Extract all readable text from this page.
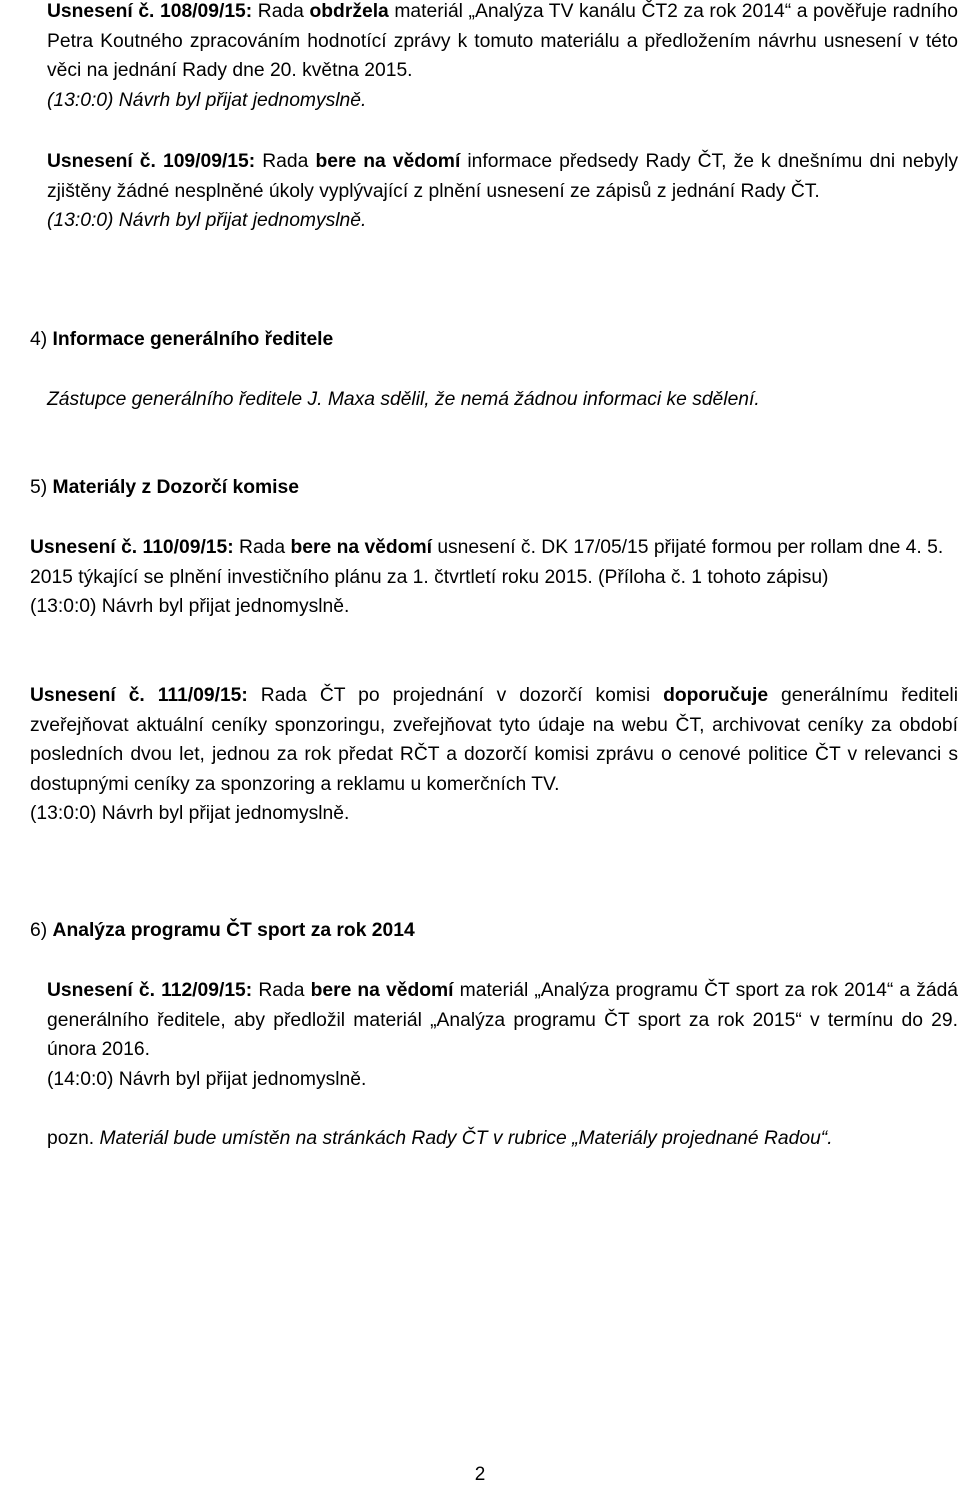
Usnesení č. 108/09/15: Rada obdržela materiál „Analýza TV kanálu ČT2 za rok 2014“ a pověřuje radního Petra Koutného zpracováním hodnotící zprávy k tomuto materiálu a předložením návrhu usnesení v této věci na jednání Rady dne 20. května 2015.

(13:0:0) Návrh byl přijat jednomyslně.

Usnesení č. 109/09/15: Rada bere na vědomí informace předsedy Rady ČT, že k dnešnímu dni nebyly zjištěny žádné nesplněné úkoly vyplývající z plnění usnesení ze zápisů z jednání Rady ČT.

(13:0:0) Návrh byl přijat jednomyslně.

4) Informace generálního ředitele

Zástupce generálního ředitele J. Maxa sdělil, že nemá žádnou informaci ke sdělení.

5) Materiály z Dozorčí komise

Usnesení č. 110/09/15: Rada bere na vědomí usnesení č. DK 17/05/15 přijaté formou per rollam dne 4. 5. 2015 týkající se plnění investičního plánu za 1. čtvrtletí roku 2015. (Příloha č. 1 tohoto zápisu)

(13:0:0) Návrh byl přijat jednomyslně.

Usnesení č. 111/09/15: Rada ČT po projednání v dozorčí komisi doporučuje generálnímu řediteli zveřejňovat aktuální ceníky sponzoringu, zveřejňovat tyto údaje na webu ČT, archivovat ceníky za období posledních dvou let, jednou za rok předat RČT a dozorčí komisi zprávu o cenové politice ČT v relevanci s dostupnými ceníky za sponzoring a reklamu u komerčních TV.

(13:0:0) Návrh byl přijat jednomyslně.

6) Analýza programu ČT sport za rok 2014

Usnesení č. 112/09/15: Rada bere na vědomí materiál „Analýza programu ČT sport za rok 2014“ a žádá generálního ředitele, aby předložil materiál „Analýza programu ČT sport za rok 2015“ v termínu do 29. února 2016.

(14:0:0) Návrh byl přijat jednomyslně.

pozn. Materiál bude umístěn na stránkách Rady ČT v rubrice „Materiály projednané Radou“.

2
